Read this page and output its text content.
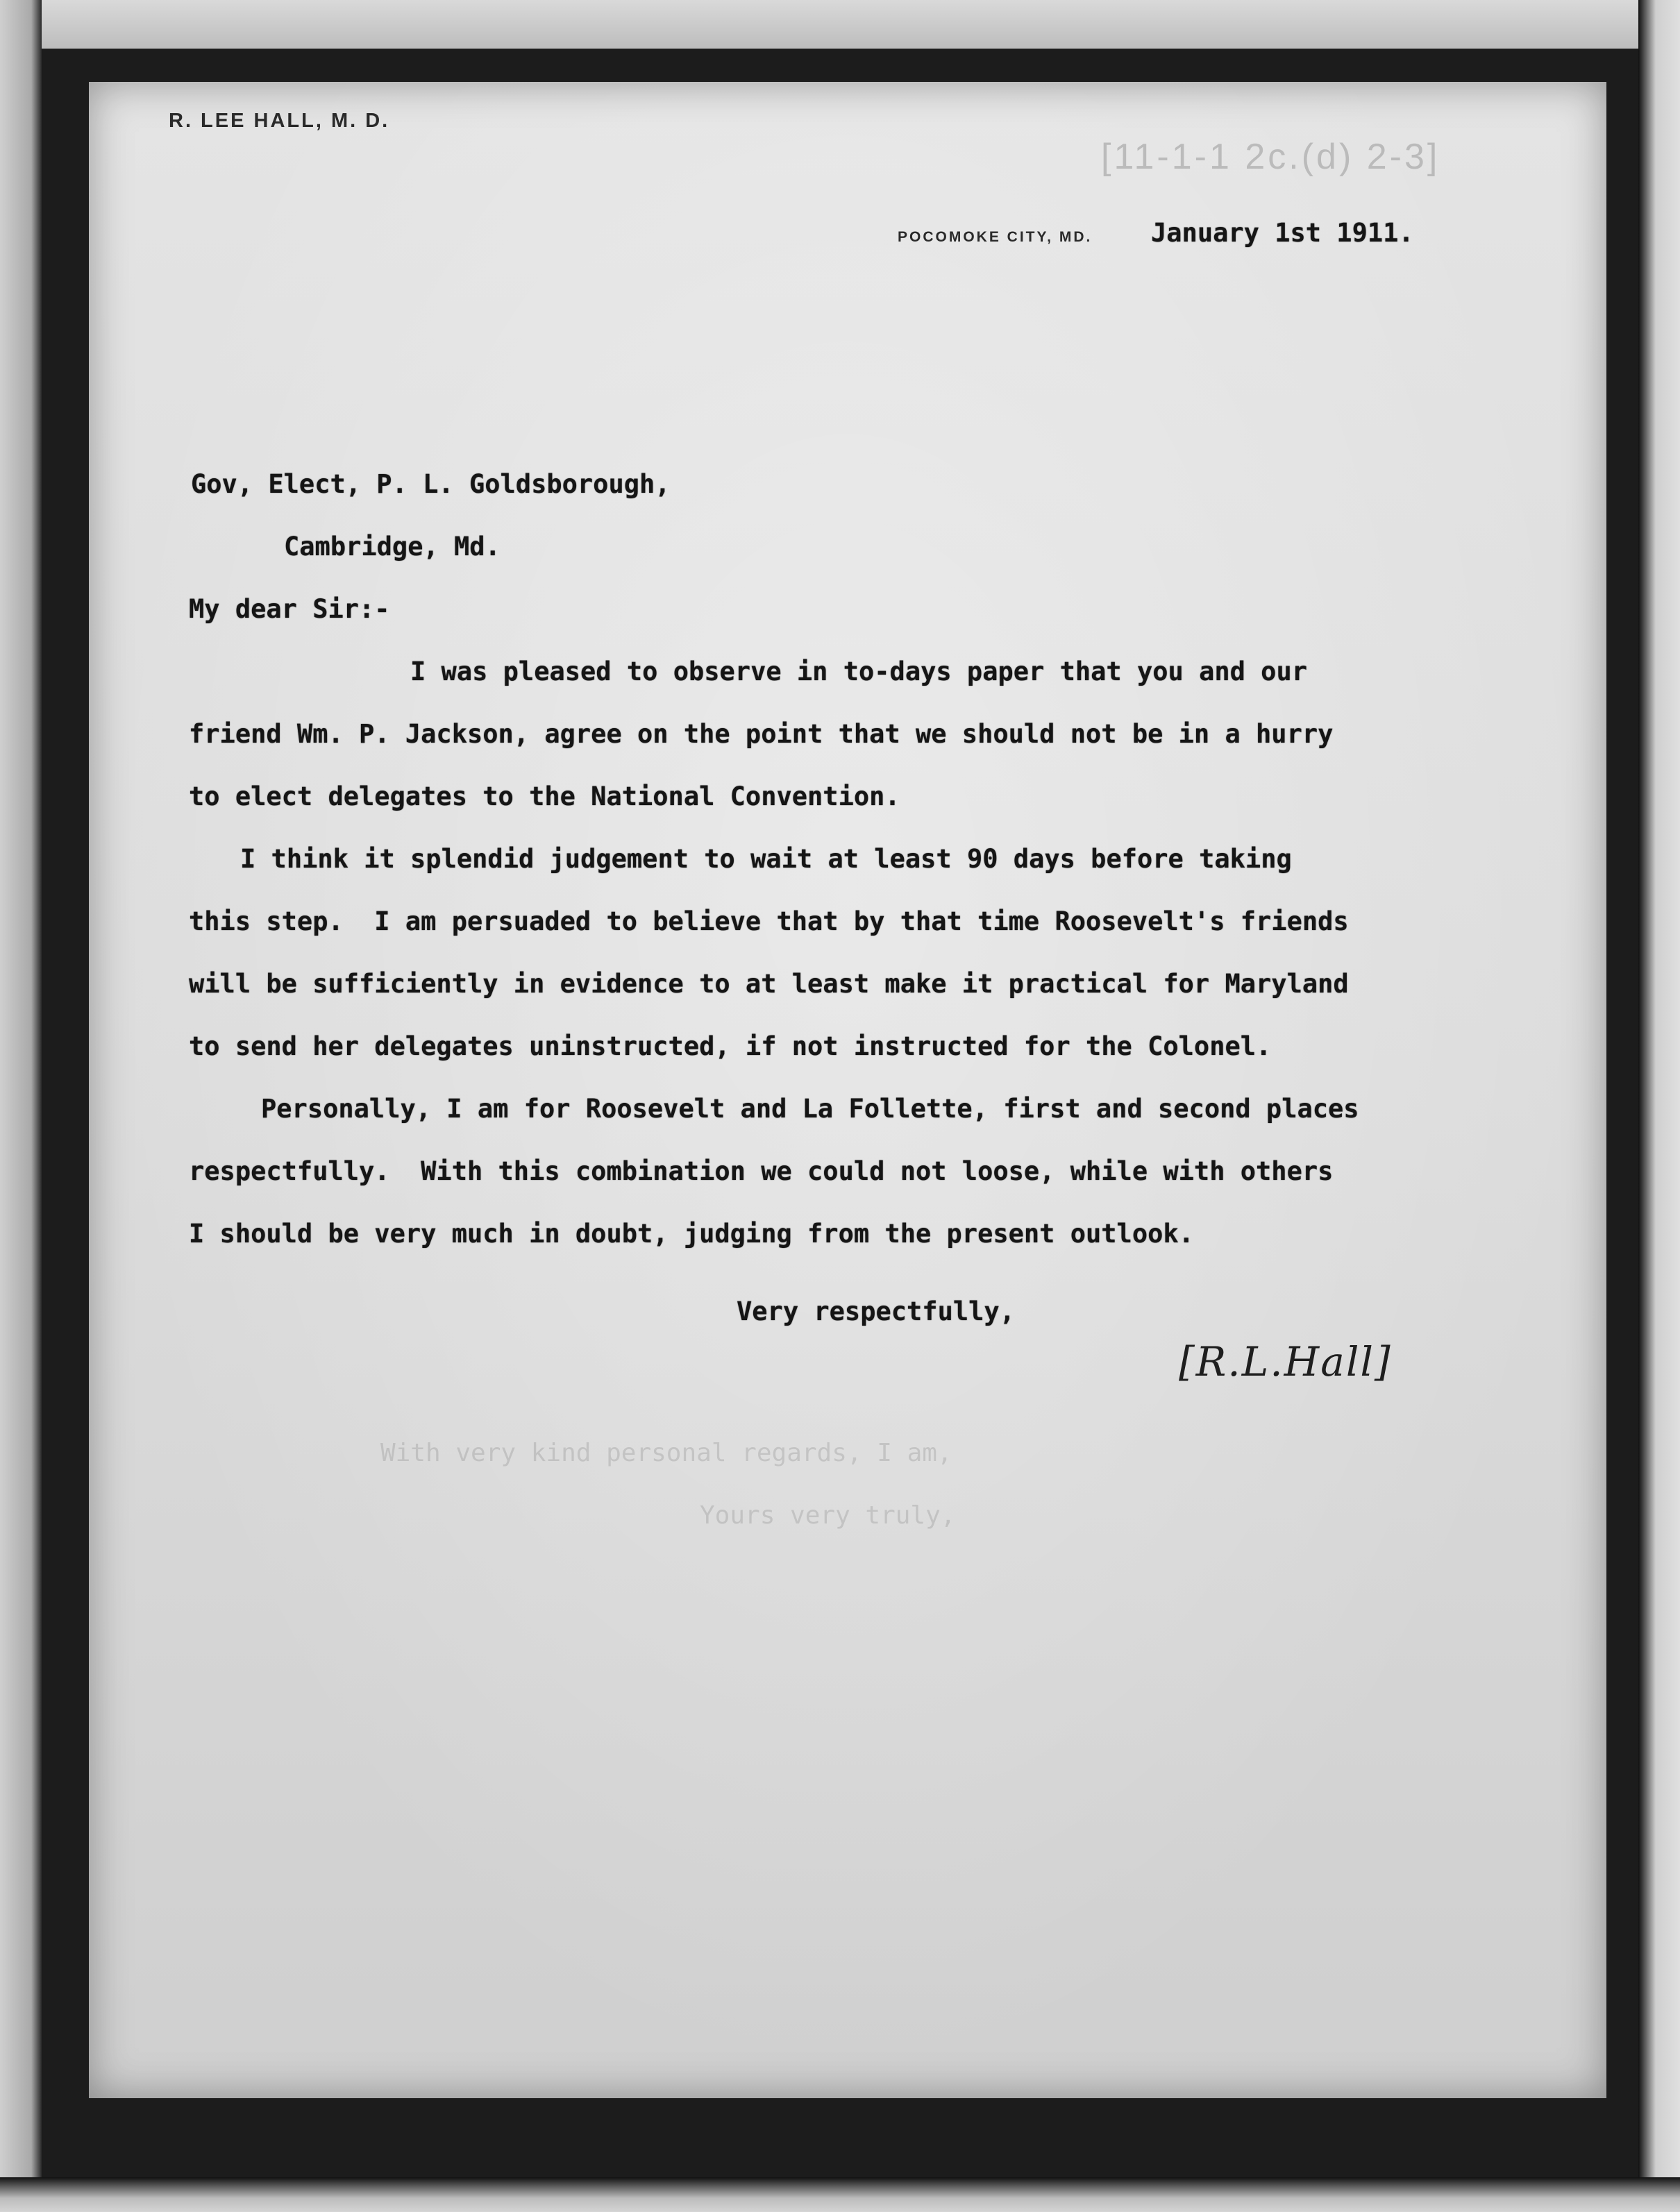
R. LEE HALL, M. D.
[11-1-1 2c.(d) 2-3]
POCOMOKE CITY, MD. January 1st 1911.
With very kind personal regards, I am,
Yours very truly,
Gov, Elect, P. L. Goldsborough,
Cambridge, Md.
My dear Sir:-
I was pleased to observe in to-days paper that you and our
friend Wm. P. Jackson, agree on the point that we should not be in a hurry
to elect delegates to the National Convention.
I think it splendid judgement to wait at least 90 days before taking
this step.  I am persuaded to believe that by that time Roosevelt's friends
will be sufficiently in evidence to at least make it practical for Maryland
to send her delegates uninstructed, if not instructed for the Colonel.
Personally, I am for Roosevelt and La Follette, first and second places
respectfully.  With this combination we could not loose, while with others
I should be very much in doubt, judging from the present outlook.
Very respectfully,
[R.L.Hall]
